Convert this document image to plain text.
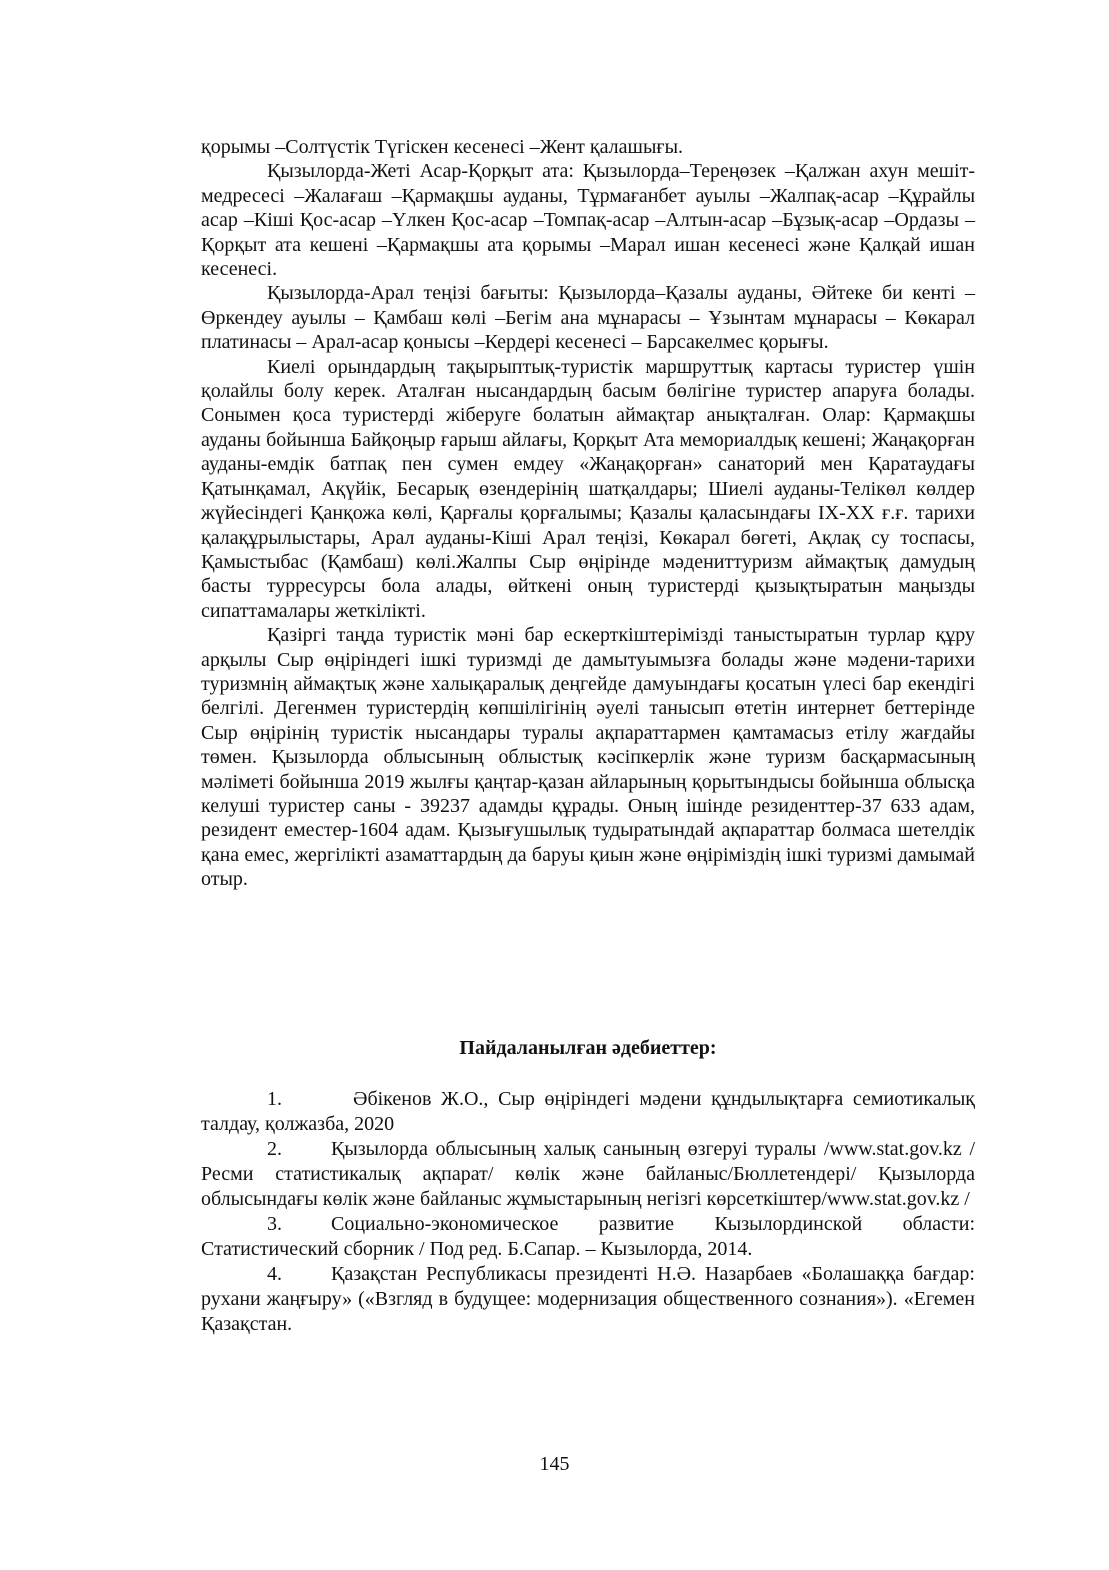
қорымы –Солтүстік Түгіскен кесенесі –Жент қалашығы.

Қызылорда-Жеті Асар-Қорқыт ата: Қызылорда–Тереңөзек –Қалжан ахун мешіт-медресесі –Жалағаш –Қармақшы ауданы, Тұрмағанбет ауылы –Жалпақ-асар –Құрайлы асар –Кіші Қос-асар –Үлкен Қос-асар –Томпақ-асар –Алтын-асар –Бұзық-асар –Ордазы –Қорқыт ата кешені –Қармақшы ата қорымы –Марал ишан кесенесі және Қалқай ишан кесенесі.

Қызылорда-Арал теңізі бағыты: Қызылорда–Қазалы ауданы, Әйтеке би кенті – Өркендеу ауылы – Қамбаш көлі –Бегім ана мұнарасы – Ұзынтам мұнарасы – Көкарал платинасы – Арал-асар қонысы –Кердері кесенесі – Барсакелмес қорығы.

Киелі орындардың тақырыптық-туристік маршруттық картасы туристер үшін қолайлы болу керек. Аталған нысандардың басым бөлігіне туристер апаруға болады. Сонымен қоса туристерді жіберуге болатын аймақтар анықталған. Олар: Қармақшы ауданы бойынша Байқоңыр ғарыш айлағы, Қорқыт Ата мемориалдық кешені; Жаңақорған ауданы-емдік батпақ пен сумен емдеу «Жаңақорған» санаторий мен Қаратаудағы Қатынқамал, Ақүйік, Бесарық өзендерінің шатқалдары; Шиелі ауданы-Телікөл көлдер жүйесіндегі Қанқожа көлі, Қарғалы қорғалымы; Қазалы қаласындағы IX-XX ғ.ғ. тарихи қалақұрылыстары, Арал ауданы-Кіші Арал теңізі, Көкарал бөгеті, Ақлақ су тоспасы, Қамыстыбас (Қамбаш) көлі.Жалпы Сыр өңірінде мәдениттуризм аймақтық дамудың басты турресурсы бола алады, өйткені оның туристерді қызықтыратын маңызды сипаттамалары жеткілікті.

Қазіргі таңда туристік мәні бар ескерткіштерімізді таныстыратын турлар құру арқылы Сыр өңіріндегі ішкі туризмді де дамытуымызға болады және мәдени-тарихи туризмнің аймақтық және халықаралық деңгейде дамуындағы қосатын үлесі бар екендігі белгілі. Дегенмен туристердің көпшілігінің әуелі танысып өтетін интернет беттерінде Сыр өңірінің туристік нысандары туралы ақпараттармен қамтамасыз етілу жағдайы төмен. Қызылорда облысының облыстық кәсіпкерлік және туризм басқармасының мәліметі бойынша 2019 жылғы қаңтар-қазан айларының қорытындысы бойынша облысқа келуші туристер саны - 39237 адамды құрады. Оның ішінде резиденттер-37 633 адам, резидент еместер-1604 адам. Қызығушылық тудыратындай ақпараттар болмаса шетелдік қана емес, жергілікті азаматтардың да баруы қиын және өңіріміздің ішкі туризмі дамымай отыр.

Пайдаланылған әдебиеттер:

1.	Әбікенов Ж.О., Сыр өңіріндегі мәдени құндылықтарға семиотикалық талдау, қолжазба, 2020

2. Қызылорда облысының халық санының өзгеруі туралы /www.stat.gov.kz /Ресми статистикалық ақпарат/ көлік және байланыс/Бюллетендері/ Қызылорда облысындағы көлік және байланыс жұмыстарының негізгі көрсеткіштер/www.stat.gov.kz /

3. Социально-экономическое развитие Кызылординской области: Статистический сборник / Под ред. Б.Сапар. – Кызылорда, 2014.

4. Қазақстан Республикасы президенті Н.Ә. Назарбаев «Болашаққа бағдар: рухани жаңғыру» («Взгляд в будущее: модернизация общественного сознания»). «Егемен Қазақстан.

145
